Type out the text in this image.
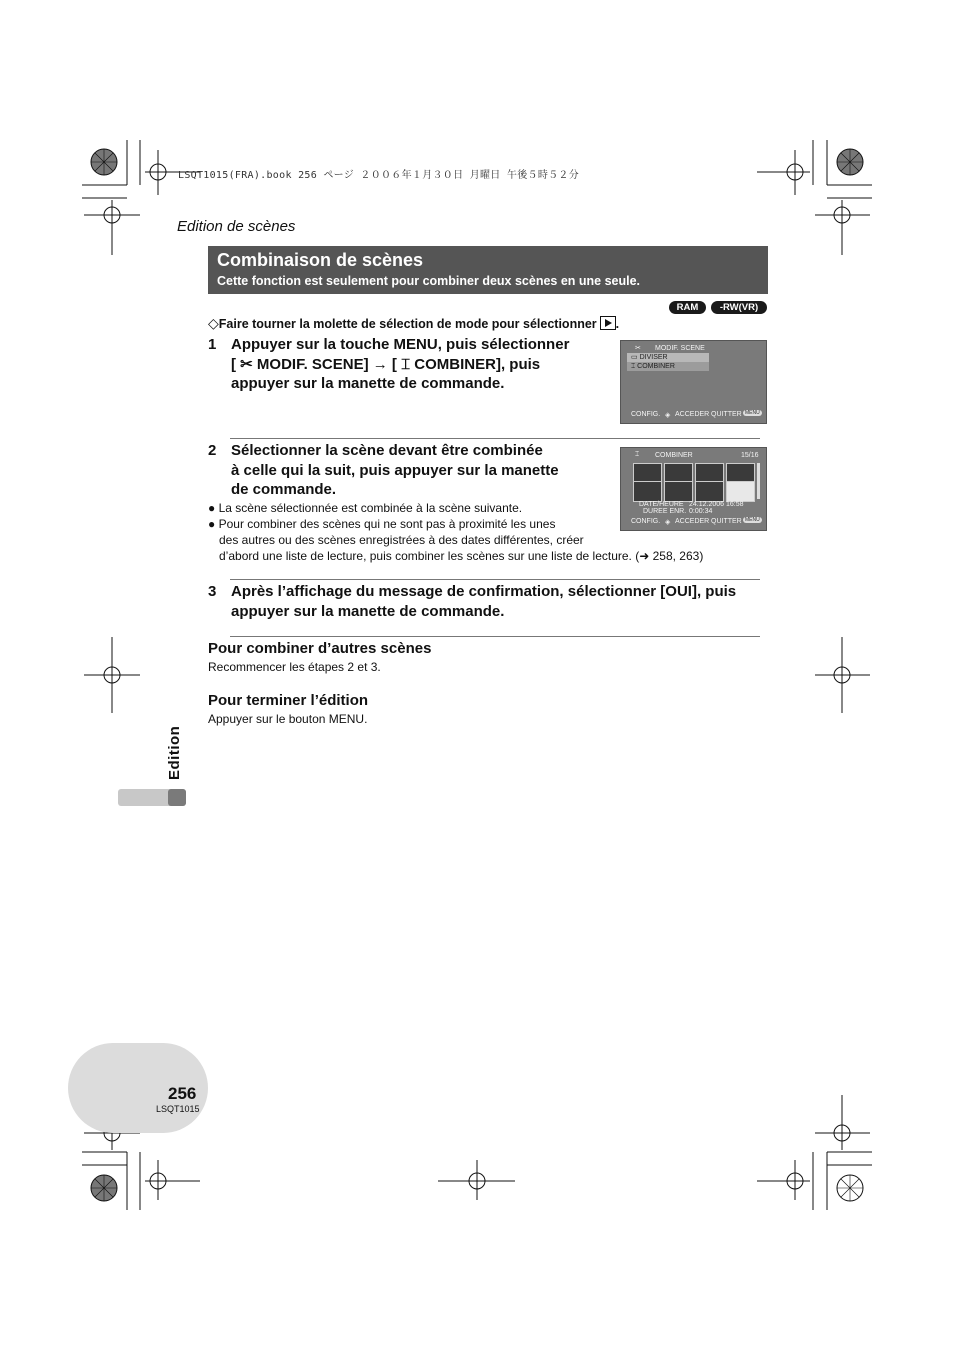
LSQT1015(FRA).book 256 ページ ２００６年１月３０日 月曜日 午後５時５２分
Edition de scènes
Combinaison de scènes
Cette fonction est seulement pour combiner deux scènes en une seule.
RAM	-RW(VR)
◇Faire tourner la molette de sélection de mode pour sélectionner .
1 Appuyer sur la touche MENU, puis sélectionner
[ ✂ MODIF. SCENE] → [ ⌶ COMBINER], puis
appuyer sur la manette de commande.
✂ MODIF. SCENE
▭ DIVISER
⌶ COMBINER
CONFIG. ◈ ACCEDER QUITTER MENU
2 Sélectionner la scène devant être combinée
à celle qui la suit, puis appuyer sur la manette
de commande.
⌶ COMBINER	15/16
DATE/HEURE 24.12.2006 16:58
DUREE ENR. 0:00:34
CONFIG. ◈ ACCEDER QUITTER MENU
● La scène sélectionnée est combinée à la scène suivante.
● Pour combiner des scènes qui ne sont pas à proximité les unes
des autres ou des scènes enregistrées à des dates différentes, créer
d’abord une liste de lecture, puis combiner les scènes sur une liste de lecture. (➜ 258, 263)
3 Après l’affichage du message de confirmation, sélectionner [OUI], puis
appuyer sur la manette de commande.
Pour combiner d’autres scènes
Recommencer les étapes 2 et 3.
Pour terminer l’édition
Appuyer sur le bouton MENU.
Edition
256
LSQT1015
